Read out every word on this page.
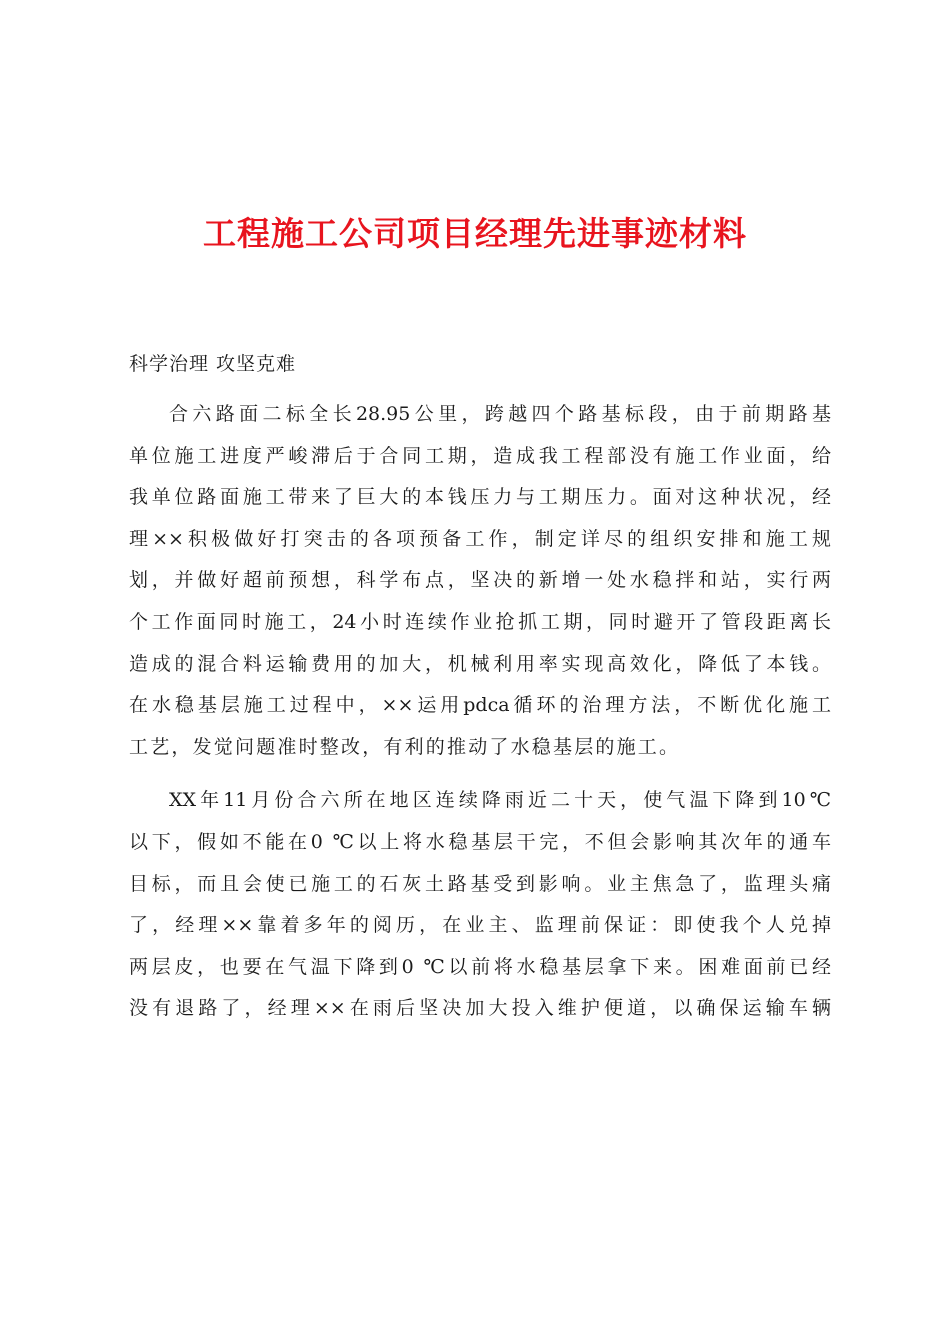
工程施工公司项目经理先进事迹材料
科学治理 攻坚克难
合六路面二标全长28.95公里，跨越四个路基标段，由于前期路基
单位施工进度严峻滞后于合同工期，造成我工程部没有施工作业面，给
我单位路面施工带来了巨大的本钱压力与工期压力。面对这种状况，经
理××积极做好打突击的各项预备工作，制定详尽的组织安排和施工规
划，并做好超前预想，科学布点，坚决的新增一处水稳拌和站，实行两
个工作面同时施工，24小时连续作业抢抓工期，同时避开了管段距离长
造成的混合料运输费用的加大，机械利用率实现高效化，降低了本钱。
在水稳基层施工过程中，××运用pdca循环的治理方法，不断优化施工
工艺，发觉问题准时整改，有利的推动了水稳基层的施工。
XX年11月份合六所在地区连续降雨近二十天，使气温下降到10℃
以下，假如不能在0 ℃以上将水稳基层干完，不但会影响其次年的通车
目标，而且会使已施工的石灰土路基受到影响。业主焦急了，监理头痛
了，经理××靠着多年的阅历，在业主、监理前保证：即使我个人兑掉
两层皮，也要在气温下降到0 ℃以前将水稳基层拿下来。困难面前已经
没有退路了，经理××在雨后坚决加大投入维护便道，以确保运输车辆
